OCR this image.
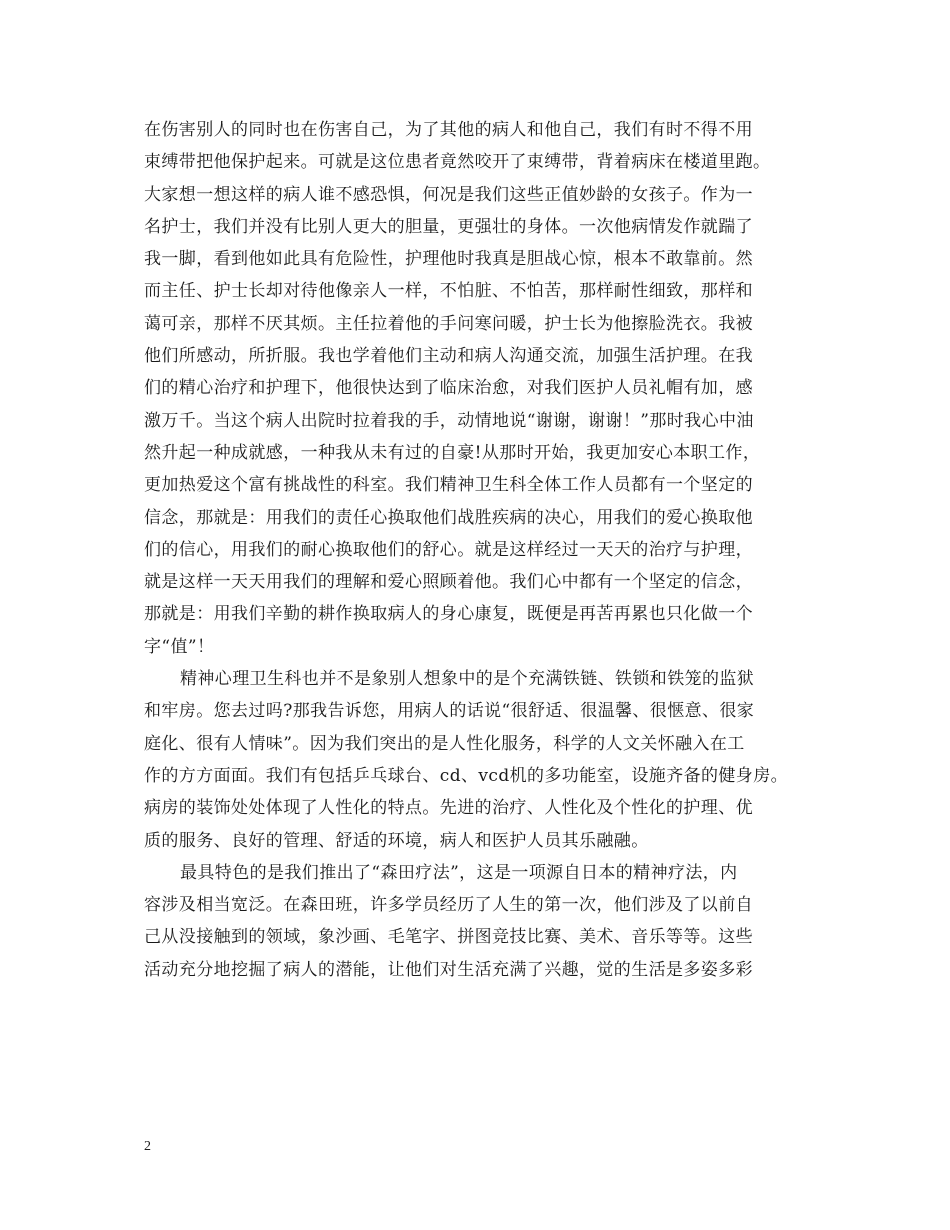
在伤害别人的同时也在伤害自己，为了其他的病人和他自己，我们有时不得不用
束缚带把他保护起来。可就是这位患者竟然咬开了束缚带，背着病床在楼道里跑。
大家想一想这样的病人谁不感恐惧，何况是我们这些正值妙龄的女孩子。作为一
名护士，我们并没有比别人更大的胆量，更强壮的身体。一次他病情发作就踹了
我一脚，看到他如此具有危险性，护理他时我真是胆战心惊，根本不敢靠前。然
而主任、护士长却对待他像亲人一样，不怕脏、不怕苦，那样耐性细致，那样和
蔼可亲，那样不厌其烦。主任拉着他的手问寒问暖，护士长为他擦脸洗衣。我被
他们所感动，所折服。我也学着他们主动和病人沟通交流，加强生活护理。在我
们的精心治疗和护理下，他很快达到了临床治愈，对我们医护人员礼帽有加，感
激万千。当这个病人出院时拉着我的手，动情地说“谢谢，谢谢！”那时我心中油
然升起一种成就感，一种我从未有过的自豪!从那时开始，我更加安心本职工作，
更加热爱这个富有挑战性的科室。我们精神卫生科全体工作人员都有一个坚定的
信念，那就是：用我们的责任心换取他们战胜疾病的决心，用我们的爱心换取他
们的信心，用我们的耐心换取他们的舒心。就是这样经过一天天的治疗与护理，
就是这样一天天用我们的理解和爱心照顾着他。我们心中都有一个坚定的信念，
那就是：用我们辛勤的耕作换取病人的身心康复，既便是再苦再累也只化做一个
字“值”！
精神心理卫生科也并不是象别人想象中的是个充满铁链、铁锁和铁笼的监狱
和牢房。您去过吗?那我告诉您，用病人的话说“很舒适、很温馨、很惬意、很家
庭化、很有人情味”。因为我们突出的是人性化服务，科学的人文关怀融入在工
作的方方面面。我们有包括乒乓球台、cd、vcd机的多功能室，设施齐备的健身房。
病房的装饰处处体现了人性化的特点。先进的治疗、人性化及个性化的护理、优
质的服务、良好的管理、舒适的环境，病人和医护人员其乐融融。
最具特色的是我们推出了“森田疗法”，这是一项源自日本的精神疗法，内
容涉及相当宽泛。在森田班，许多学员经历了人生的第一次，他们涉及了以前自
己从没接触到的领域，象沙画、毛笔字、拼图竞技比赛、美术、音乐等等。这些
活动充分地挖掘了病人的潜能，让他们对生活充满了兴趣，觉的生活是多姿多彩
2
